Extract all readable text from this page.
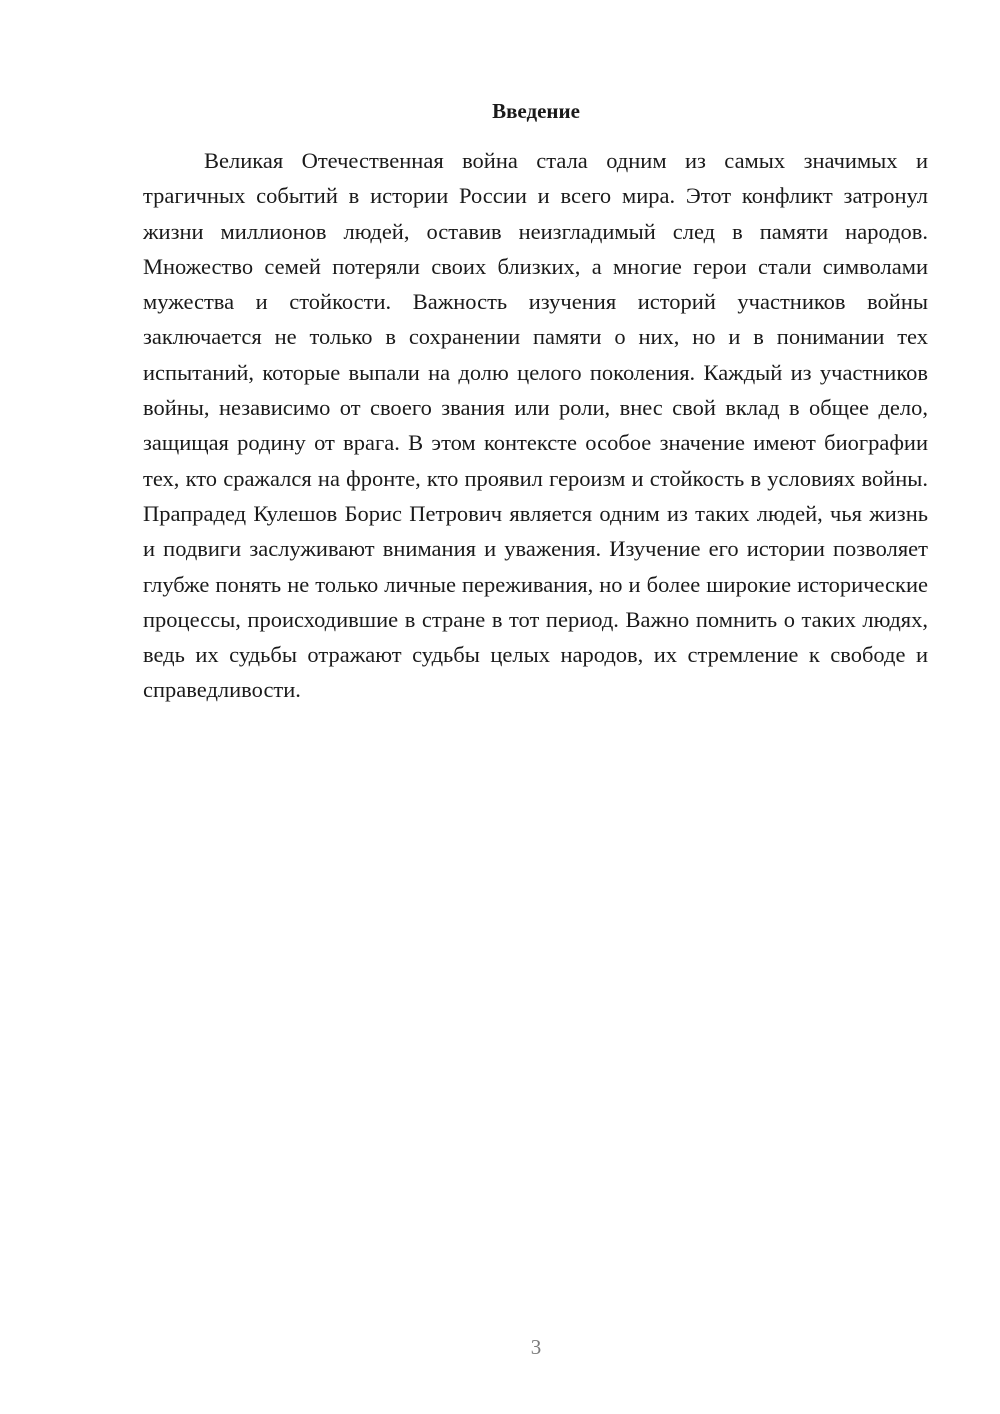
Введение

Великая Отечественная война стала одним из самых значимых и трагичных событий в истории России и всего мира. Этот конфликт затронул жизни миллионов людей, оставив неизгладимый след в памяти народов. Множество семей потеряли своих близких, а многие герои стали символами мужества и стойкости. Важность изучения историй участников войны заключается не только в сохранении памяти о них, но и в понимании тех испытаний, которые выпали на долю целого поколения. Каждый из участников войны, независимо от своего звания или роли, внес свой вклад в общее дело, защищая родину от врага. В этом контексте особое значение имеют биографии тех, кто сражался на фронте, кто проявил героизм и стойкость в условиях войны. Прапрадед Кулешов Борис Петрович является одним из таких людей, чья жизнь и подвиги заслуживают внимания и уважения. Изучение его истории позволяет глубже понять не только личные переживания, но и более широкие исторические процессы, происходившие в стране в тот период. Важно помнить о таких людях, ведь их судьбы отражают судьбы целых народов, их стремление к свободе и справедливости.

3
